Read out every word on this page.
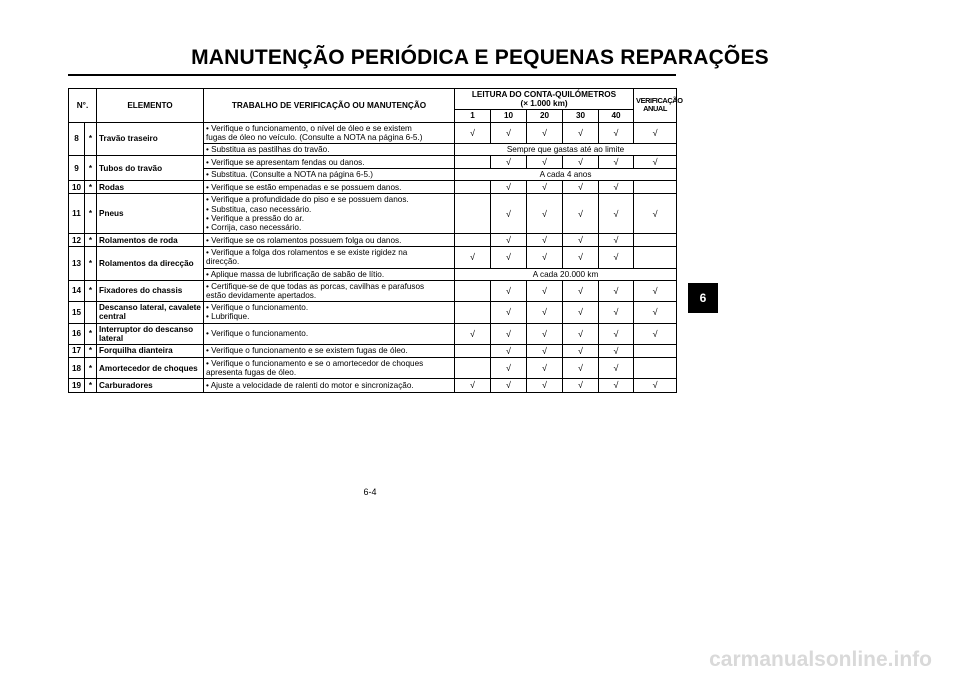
MANUTENÇÃO PERIÓDICA E PEQUENAS REPARAÇÕES
N°.		ELEMENTO	TRABALHO DE VERIFICAÇÃO OU MANUTENÇÃO	LEITURA DO CONTA-QUILÓMETROS
(× 1.000 km)					VERIFICAÇÃO ANUAL
				1	10	20	30	40	
8	*	Travão traseiro	• Verifique o funcionamento, o nível de óleo e se existem
fugas de óleo no veículo. (Consulte a NOTA na página 6-5.)	√	√	√	√	√	√

			• Substitua as pastilhas do travão.	Sempre que gastas até ao limite					
9	*	Tubos do travão	• Verifique se apresentam fendas ou danos.		√	√	√	√	√

			• Substitua. (Consulte a NOTA na página 6-5.)	A cada 4 anos					
10	*	Rodas	• Verifique se estão empenadas e se possuem danos.		√	√	√	√	
11	*	Pneus	• Verifique a profundidade do piso e se possuem danos.
• Substitua, caso necessário.
• Verifique a pressão do ar.
• Corrija, caso necessário.		√	√	√	√	√
12	*	Rolamentos de roda	• Verifique se os rolamentos possuem folga ou danos.		√	√	√	√	
13	*	Rolamentos da direcção	• Verifique a folga dos rolamentos e se existe rigidez na
direcção.	√	√	√	√	√	

			• Aplique massa de lubrificação de sabão de lítio.	A cada 20.000 km					
14	*	Fixadores do chassis	• Certifique-se de que todas as porcas, cavilhas e parafusos
estão devidamente apertados.		√	√	√	√	√
15		Descanso lateral, cavalete central	• Verifique o funcionamento.
• Lubrifique.		√	√	√	√	√
16	*	Interruptor do descanso lateral	• Verifique o funcionamento.	√	√	√	√	√	√
17	*	Forquilha dianteira	• Verifique o funcionamento e se existem fugas de óleo.		√	√	√	√	
18	*	Amortecedor de choques	• Verifique o funcionamento e se o amortecedor de choques
apresenta fugas de óleo.		√	√	√	√	
19	*	Carburadores	• Ajuste a velocidade de ralenti do motor e sincronização.	√	√	√	√	√	√
6
6-4
carmanualsonline.info
